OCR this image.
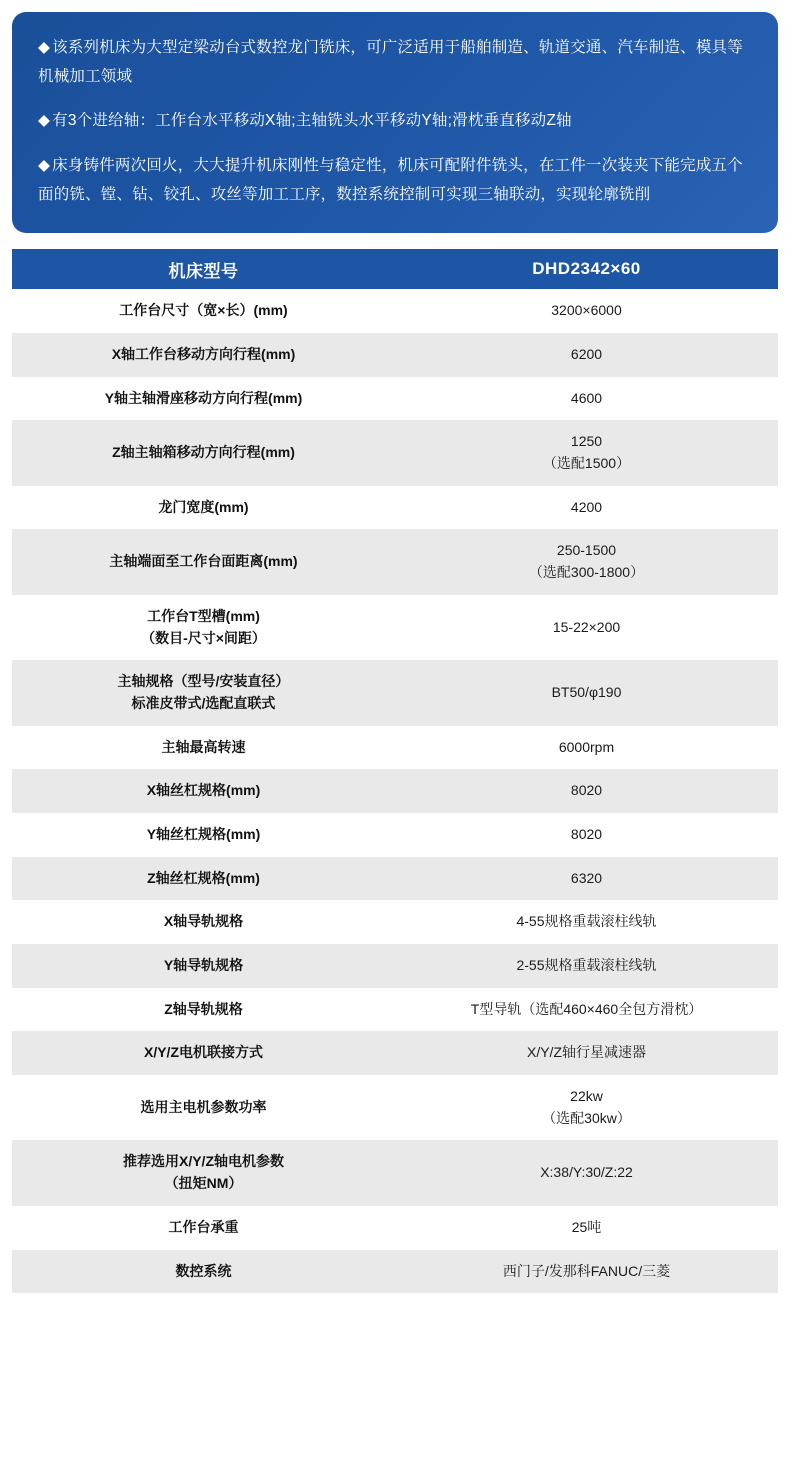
◆ 该系列机床为大型定梁动台式数控龙门铣床，可广泛适用于船舶制造、轨道交通、汽车制造、模具等机械加工领域

◆ 有3个进给轴：工作台水平移动X轴;主轴铣头水平移动Y轴;滑枕垂直移动Z轴

◆ 床身铸件两次回火，大大提升机床刚性与稳定性，机床可配附件铣头，在工件一次装夹下能完成五个面的铣、镗、钻、铰孔、攻丝等加工工序，数控系统控制可实现三轴联动，实现轮廓铣削

机床型号	DHD2342×60

工作台尺寸（宽×长）(mm)	3200×6000

X轴工作台移动方向行程(mm)	6200

Y轴主轴滑座移动方向行程(mm)	4600

Z轴主轴箱移动方向行程(mm)	1250
（选配1500）

龙门宽度(mm)	4200

主轴端面至工作台面距离(mm)	250-1500
（选配300-1800）

工作台T型槽(mm)
（数目-尺寸×间距）	15-22×200

主轴规格（型号/安装直径）
标准皮带式/选配直联式	BT50/φ190

主轴最高转速	6000rpm

X轴丝杠规格(mm)	8020

Y轴丝杠规格(mm)	8020

Z轴丝杠规格(mm)	6320

X轴导轨规格	4-55规格重载滚柱线轨

Y轴导轨规格	2-55规格重载滚柱线轨

Z轴导轨规格	T型导轨（选配460×460全包方滑枕）

X/Y/Z电机联接方式	X/Y/Z轴行星减速器

选用主电机参数功率	22kw
（选配30kw）

推荐选用X/Y/Z轴电机参数
（扭矩NM）	X:38/Y:30/Z:22

工作台承重	25吨

数控系统	西门子/发那科FANUC/三菱
